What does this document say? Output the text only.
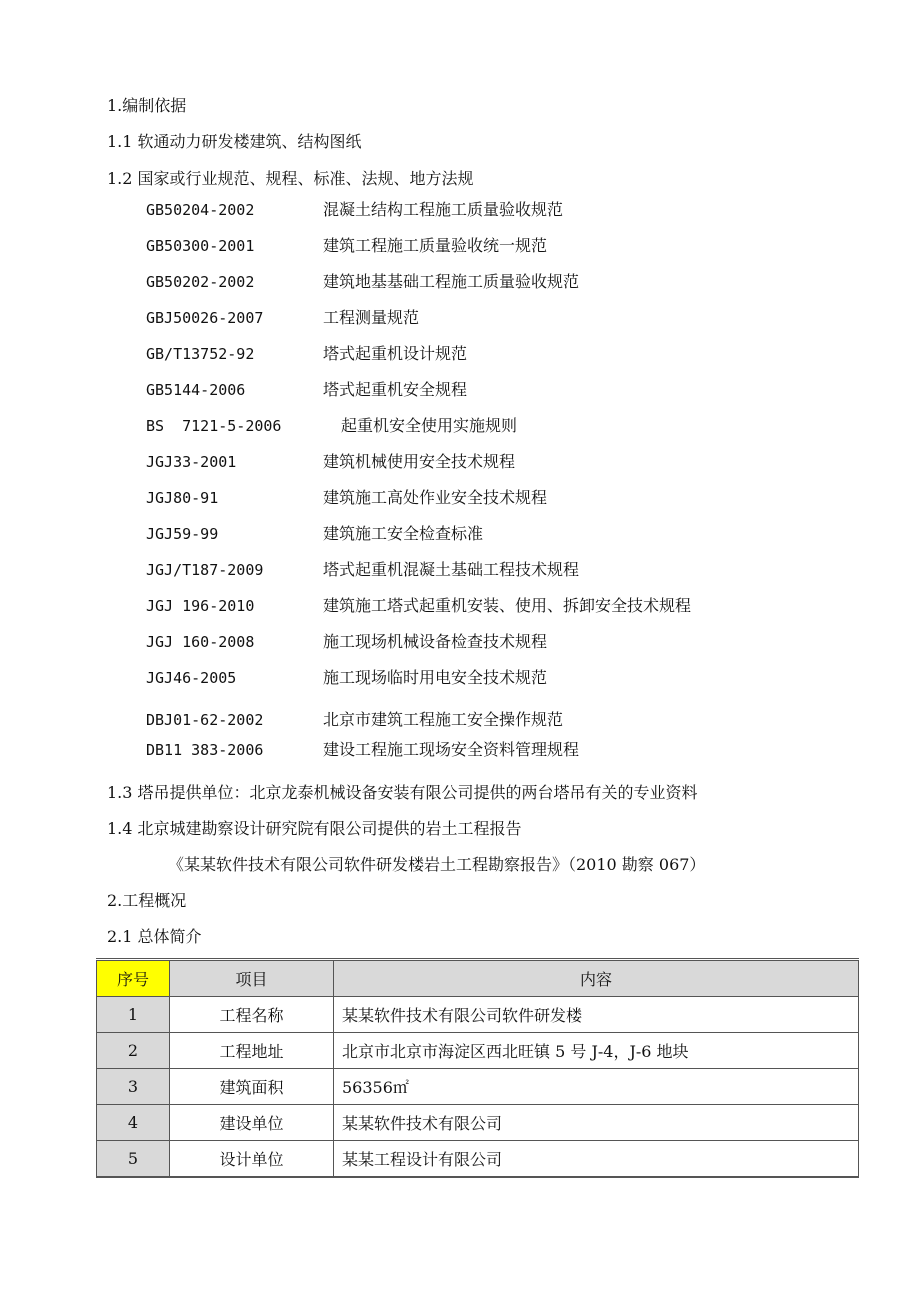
1.编制依据
1.1 软通动力研发楼建筑、结构图纸
1.2 国家或行业规范、规程、标准、法规、地方法规
GB50204-2002	混凝土结构工程施工质量验收规范
GB50300-2001	建筑工程施工质量验收统一规范
GB50202-2002	建筑地基基础工程施工质量验收规范
GBJ50026-2007	工程测量规范
GB/T13752-92	塔式起重机设计规范
GB5144-2006	塔式起重机安全规程
BS  7121-5-2006	起重机安全使用实施规则
JGJ33-2001	建筑机械使用安全技术规程
JGJ80-91	建筑施工高处作业安全技术规程
JGJ59-99	建筑施工安全检查标准
JGJ/T187-2009	塔式起重机混凝土基础工程技术规程
JGJ 196-2010	建筑施工塔式起重机安装、使用、拆卸安全技术规程
JGJ 160-2008	施工现场机械设备检查技术规程
JGJ46-2005	施工现场临时用电安全技术规范
DBJ01-62-2002	北京市建筑工程施工安全操作规范
DB11 383-2006	建设工程施工现场安全资料管理规程
1.3 塔吊提供单位：北京龙泰机械设备安装有限公司提供的两台塔吊有关的专业资料
1.4 北京城建勘察设计研究院有限公司提供的岩土工程报告
《某某软件技术有限公司软件研发楼岩土工程勘察报告》（2010 勘察 067）
2.工程概况
2.1 总体简介
序号	项目	内容
1	工程名称	某某软件技术有限公司软件研发楼
2	工程地址	北京市北京市海淀区西北旺镇 5 号 J-4，J-6 地块
3	建筑面积	56356㎡
4	建设单位	某某软件技术有限公司
5	设计单位	某某工程设计有限公司
